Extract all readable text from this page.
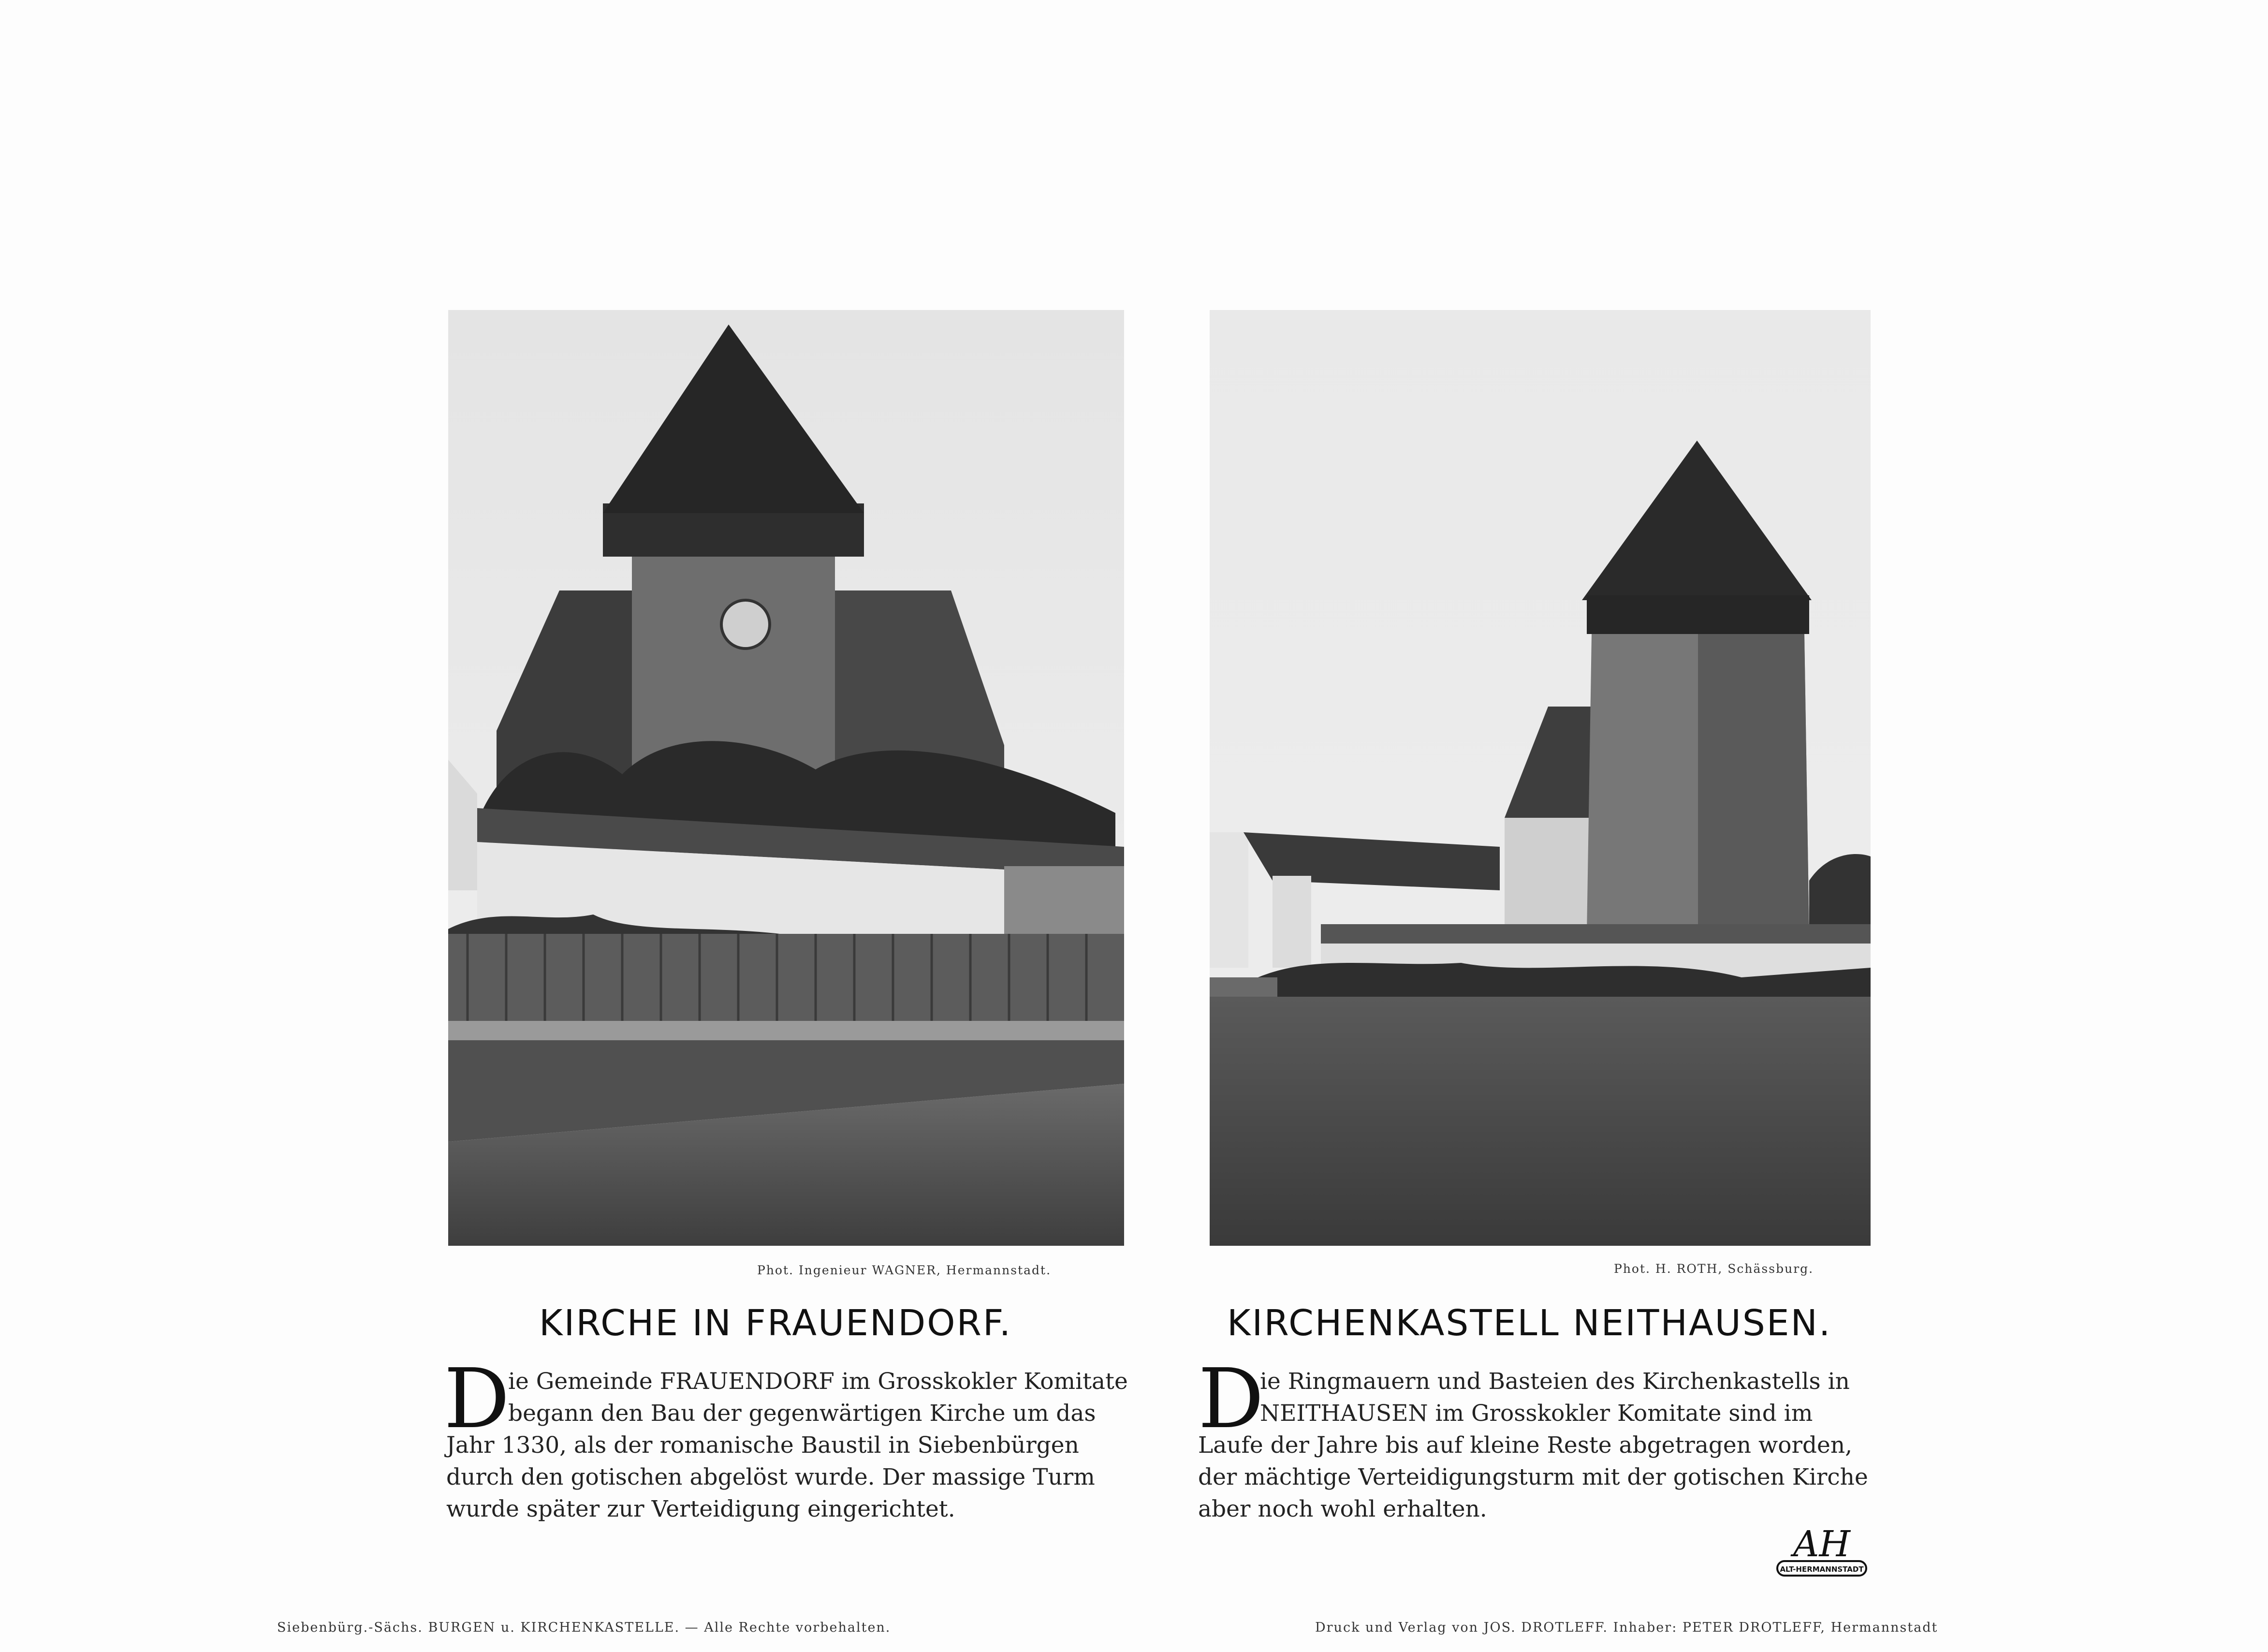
Phot. Ingenieur WAGNER, Hermannstadt.	Phot. H. ROTH, Schässburg.
KIRCHE IN FRAUENDORF.	KIRCHENKASTELL NEITHAUSEN.
D
ie Gemeinde FRAUENDORF im Grosskokler Komitate
begann den Bau der gegenwärtigen Kirche um das
Jahr 1330, als der romanische Baustil in Siebenbürgen
durch den gotischen abgelöst wurde. Der massige Turm
wurde später zur Verteidigung eingerichtet.
D
ie Ringmauern und Basteien des Kirchenkastells in
NEITHAUSEN im Grosskokler Komitate sind im
Laufe der Jahre bis auf kleine Reste abgetragen worden,
der mächtige Verteidigungsturm mit der gotischen Kirche
aber noch wohl erhalten.
AH
ALT-HERMANNSTADT
Siebenbürg.-Sächs. BURGEN u. KIRCHENKASTELLE. — Alle Rechte vorbehalten.	Druck und Verlag von JOS. DROTLEFF. Inhaber: PETER DROTLEFF, Hermannstadt
